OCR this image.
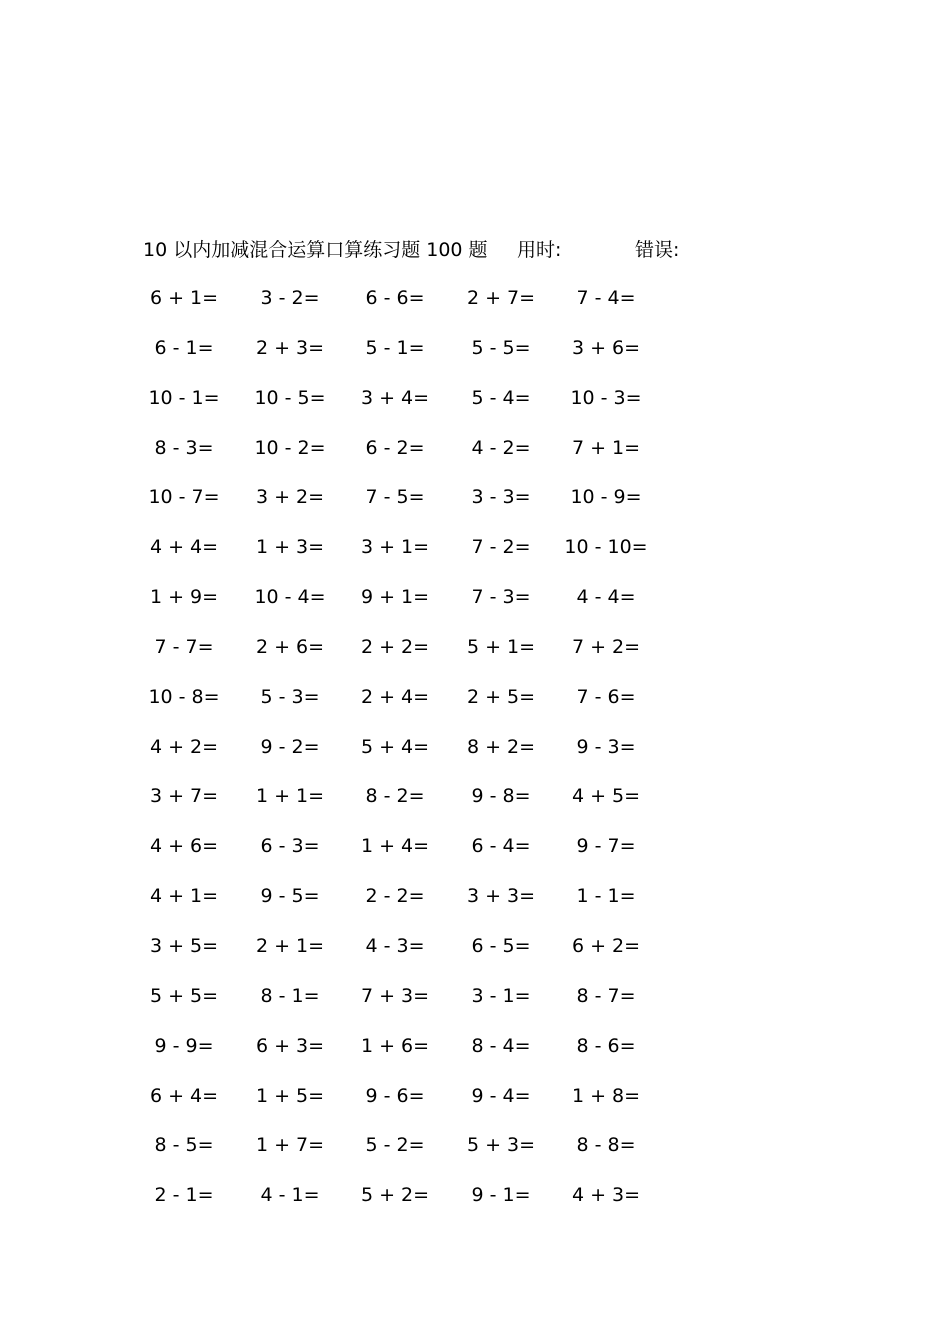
10 以内加减混合运算口算练习题 100 题 用时:	错误:
6 + 1=	3 - 2=	6 - 6=	2 + 7=	7 - 4=
6 - 1=	2 + 3=	5 - 1=	5 - 5=	3 + 6=
10 - 1=	10 - 5=	3 + 4=	5 - 4=	10 - 3=
8 - 3=	10 - 2=	6 - 2=	4 - 2=	7 + 1=
10 - 7=	3 + 2=	7 - 5=	3 - 3=	10 - 9=
4 + 4=	1 + 3=	3 + 1=	7 - 2=	10 - 10=
1 + 9=	10 - 4=	9 + 1=	7 - 3=	4 - 4=
7 - 7=	2 + 6=	2 + 2=	5 + 1=	7 + 2=
10 - 8=	5 - 3=	2 + 4=	2 + 5=	7 - 6=
4 + 2=	9 - 2=	5 + 4=	8 + 2=	9 - 3=
3 + 7=	1 + 1=	8 - 2=	9 - 8=	4 + 5=
4 + 6=	6 - 3=	1 + 4=	6 - 4=	9 - 7=
4 + 1=	9 - 5=	2 - 2=	3 + 3=	1 - 1=
3 + 5=	2 + 1=	4 - 3=	6 - 5=	6 + 2=
5 + 5=	8 - 1=	7 + 3=	3 - 1=	8 - 7=
9 - 9=	6 + 3=	1 + 6=	8 - 4=	8 - 6=
6 + 4=	1 + 5=	9 - 6=	9 - 4=	1 + 8=
8 - 5=	1 + 7=	5 - 2=	5 + 3=	8 - 8=
2 - 1=	4 - 1=	5 + 2=	9 - 1=	4 + 3=
